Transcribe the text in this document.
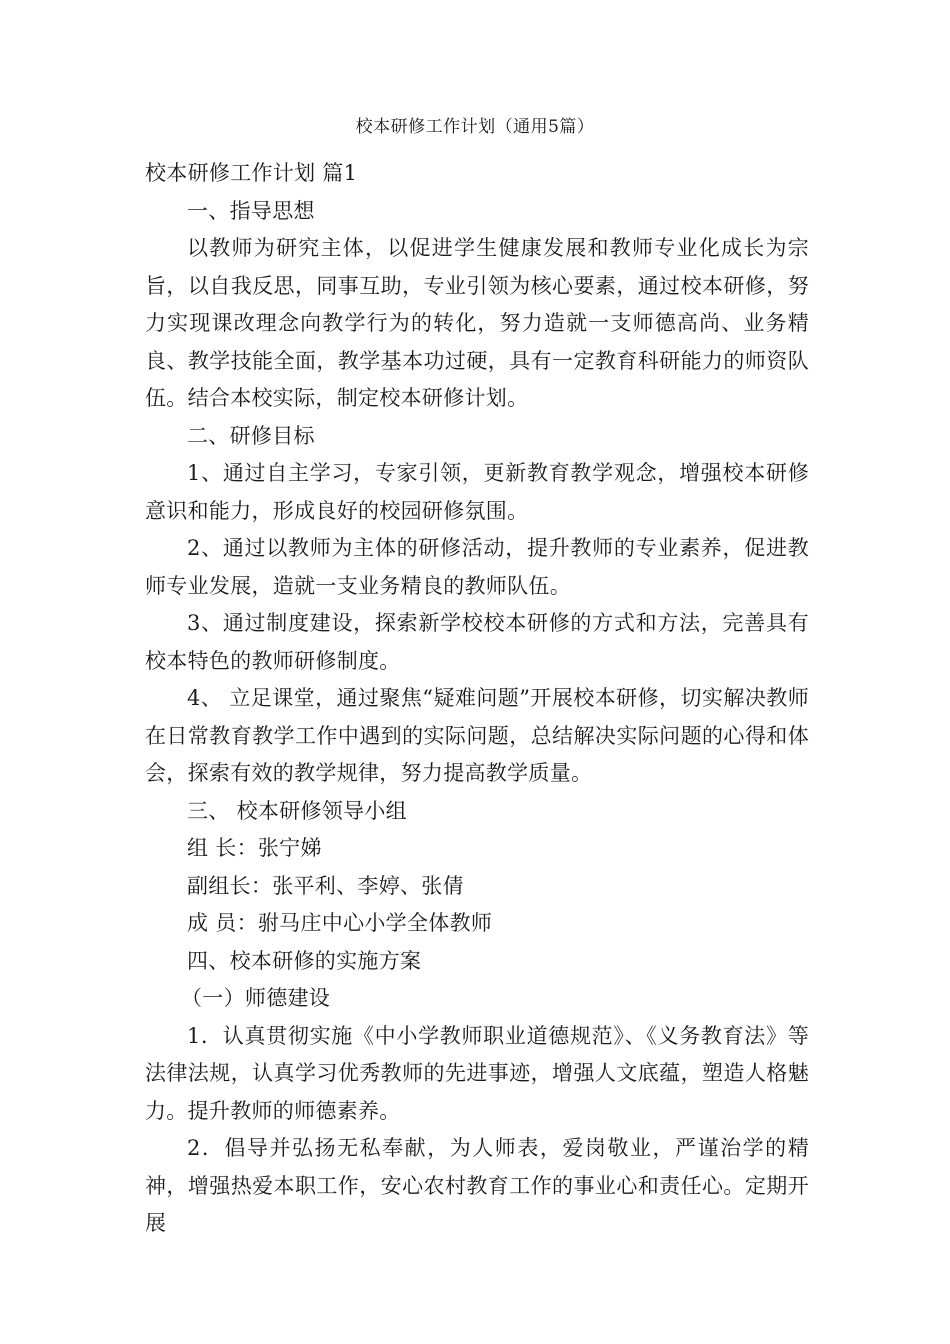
校本研修工作计划（通用5篇）

校本研修工作计划 篇1

一、指导思想

以教师为研究主体，以促进学生健康发展和教师专业化成长为宗旨，以自我反思，同事互助，专业引领为核心要素，通过校本研修，努力实现课改理念向教学行为的转化，努力造就一支师德高尚、业务精良、教学技能全面，教学基本功过硬，具有一定教育科研能力的师资队伍。结合本校实际，制定校本研修计划。

二、研修目标

1、通过自主学习，专家引领，更新教育教学观念，增强校本研修意识和能力，形成良好的校园研修氛围。

2、通过以教师为主体的研修活动，提升教师的专业素养，促进教师专业发展，造就一支业务精良的教师队伍。

3、通过制度建设，探索新学校校本研修的方式和方法，完善具有校本特色的教师研修制度。

4、 立足课堂，通过聚焦“疑难问题”开展校本研修，切实解决教师在日常教育教学工作中遇到的实际问题，总结解决实际问题的心得和体会，探索有效的教学规律，努力提高教学质量。

三、 校本研修领导小组

组 长：张宁娣

副组长：张平利、李婷、张倩

成 员：驸马庄中心小学全体教师

四、校本研修的实施方案

（一）师德建设

1．认真贯彻实施《中小学教师职业道德规范》、《义务教育法》等法律法规，认真学习优秀教师的先进事迹，增强人文底蕴，塑造人格魅力。提升教师的师德素养。

2．倡导并弘扬无私奉献，为人师表，爱岗敬业，严谨治学的精神，增强热爱本职工作，安心农村教育工作的事业心和责任心。定期开展
